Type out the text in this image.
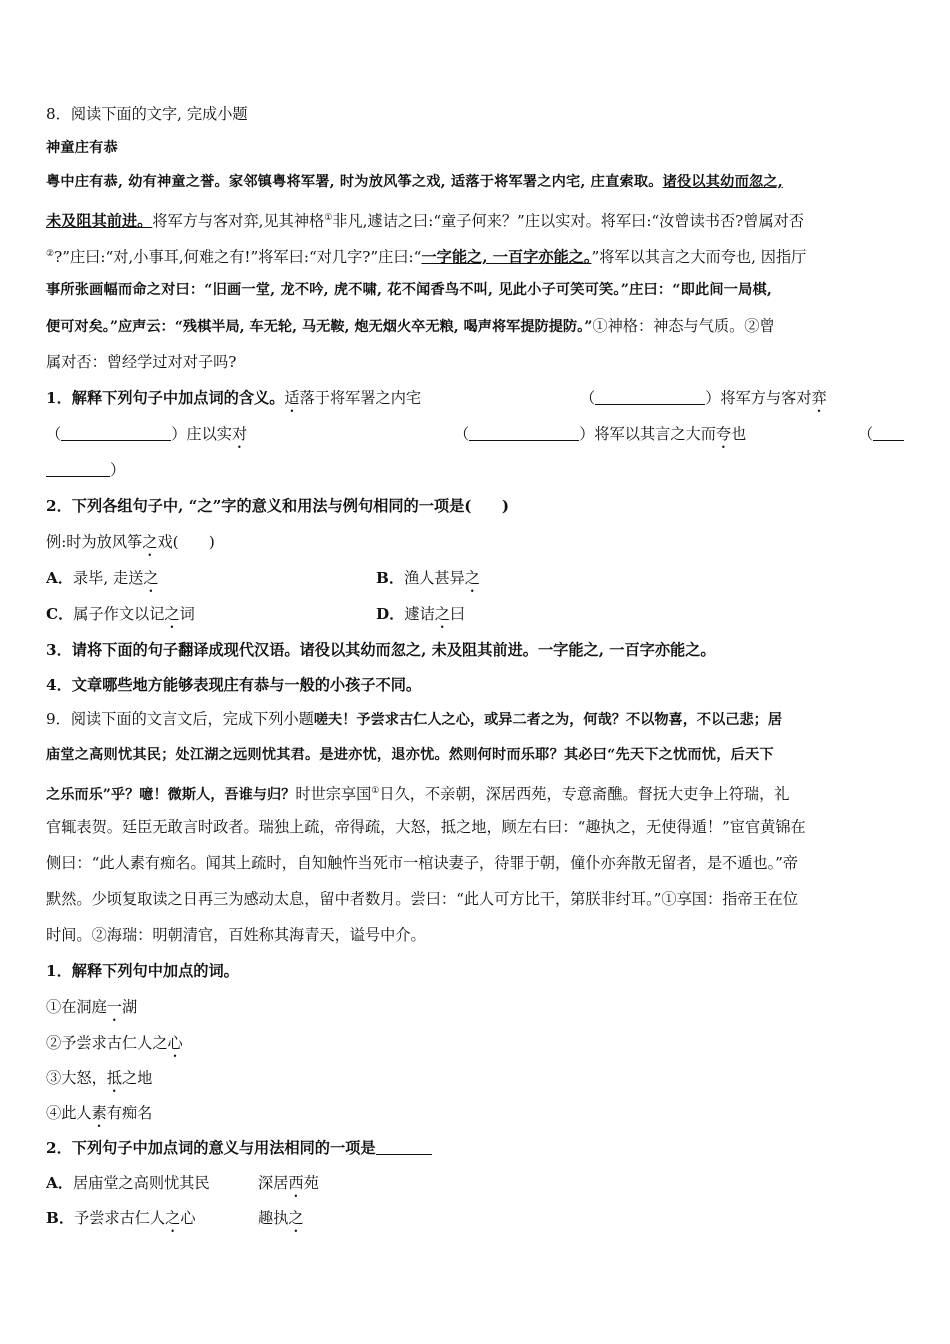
8．阅读下面的文字, 完成小题
神童庄有恭
粤中庄有恭, 幼有神童之誉。家邻镇粤将军署, 时为放风筝之戏, 适落于将军署之内宅, 庄直索取。诸役以其幼而忽之,
未及阻其前进。将军方与客对弈,见其神格①非凡,遽诘之曰:“童子何来？”庄以实对。将军曰:“汝曾读书否?曾属对否
②?”庄曰:“对,小事耳,何难之有!”将军曰:“对几字?”庄曰:“一字能之, 一百字亦能之。”将军以其言之大而夸也, 因指厅
事所张画幅而命之对曰：“旧画一堂, 龙不吟, 虎不啸, 花不闻香鸟不叫, 见此小子可笑可笑。”庄曰：“即此间一局棋,
便可对矣。”应声云：“残棋半局, 车无轮, 马无鞍, 炮无烟火卒无粮, 喝声将军提防提防。”①神格：神态与气质。②曾
属对否：曾经学过对对子吗?
1．解释下列句子中加点词的含义。适落于将军署之内宅	（	）将军方与客对弈
（	）庄以实对	（	）将军以其言之大而夸也	（
）
2．下列各组句子中, “之”字的意义和用法与例句相同的一项是(　　)
例:时为放风筝之戏(　　)
A．录毕, 走送之	B．渔人甚异之
C．属子作文以记之词	D．遽诘之曰
3．请将下面的句子翻译成现代汉语。诸役以其幼而忽之, 未及阻其前进。一字能之, 一百字亦能之。
4．文章哪些地方能够表现庄有恭与一般的小孩子不同。
9．阅读下面的文言文后，完成下列小题嗟夫！予尝求古仁人之心，或异二者之为，何哉？不以物喜，不以己悲；居
庙堂之高则忧其民；处江湖之远则忧其君。是进亦忧，退亦忧。然则何时而乐耶？其必曰“先天下之忧而忧，后天下
之乐而乐”乎？噫！微斯人，吾谁与归？时世宗享国①日久，不亲朝，深居西苑，专意斋醮。督抚大吏争上符瑞，礼
官辄表贺。廷臣无敢言时政者。瑞独上疏，帝得疏，大怒，抵之地，顾左右曰：“趣执之，无使得遁！”宦官黄锦在
侧曰：“此人素有痴名。闻其上疏时，自知触忤当死市一棺诀妻子，待罪于朝，僮仆亦奔散无留者，是不遁也。”帝
默然。少顷复取读之日再三为感动太息，留中者数月。尝曰：“此人可方比干，第朕非纣耳。”①享国：指帝王在位
时间。②海瑞：明朝清官，百姓称其海青天，谥号中介。
1．解释下列句中加点的词。
①在洞庭一湖
②予尝求古仁人之心
③大怒，抵之地
④此人素有痴名
2．下列句子中加点词的意义与用法相同的一项是
A．居庙堂之高则忧其民	深居西苑
B．予尝求古仁人之心	趣执之
